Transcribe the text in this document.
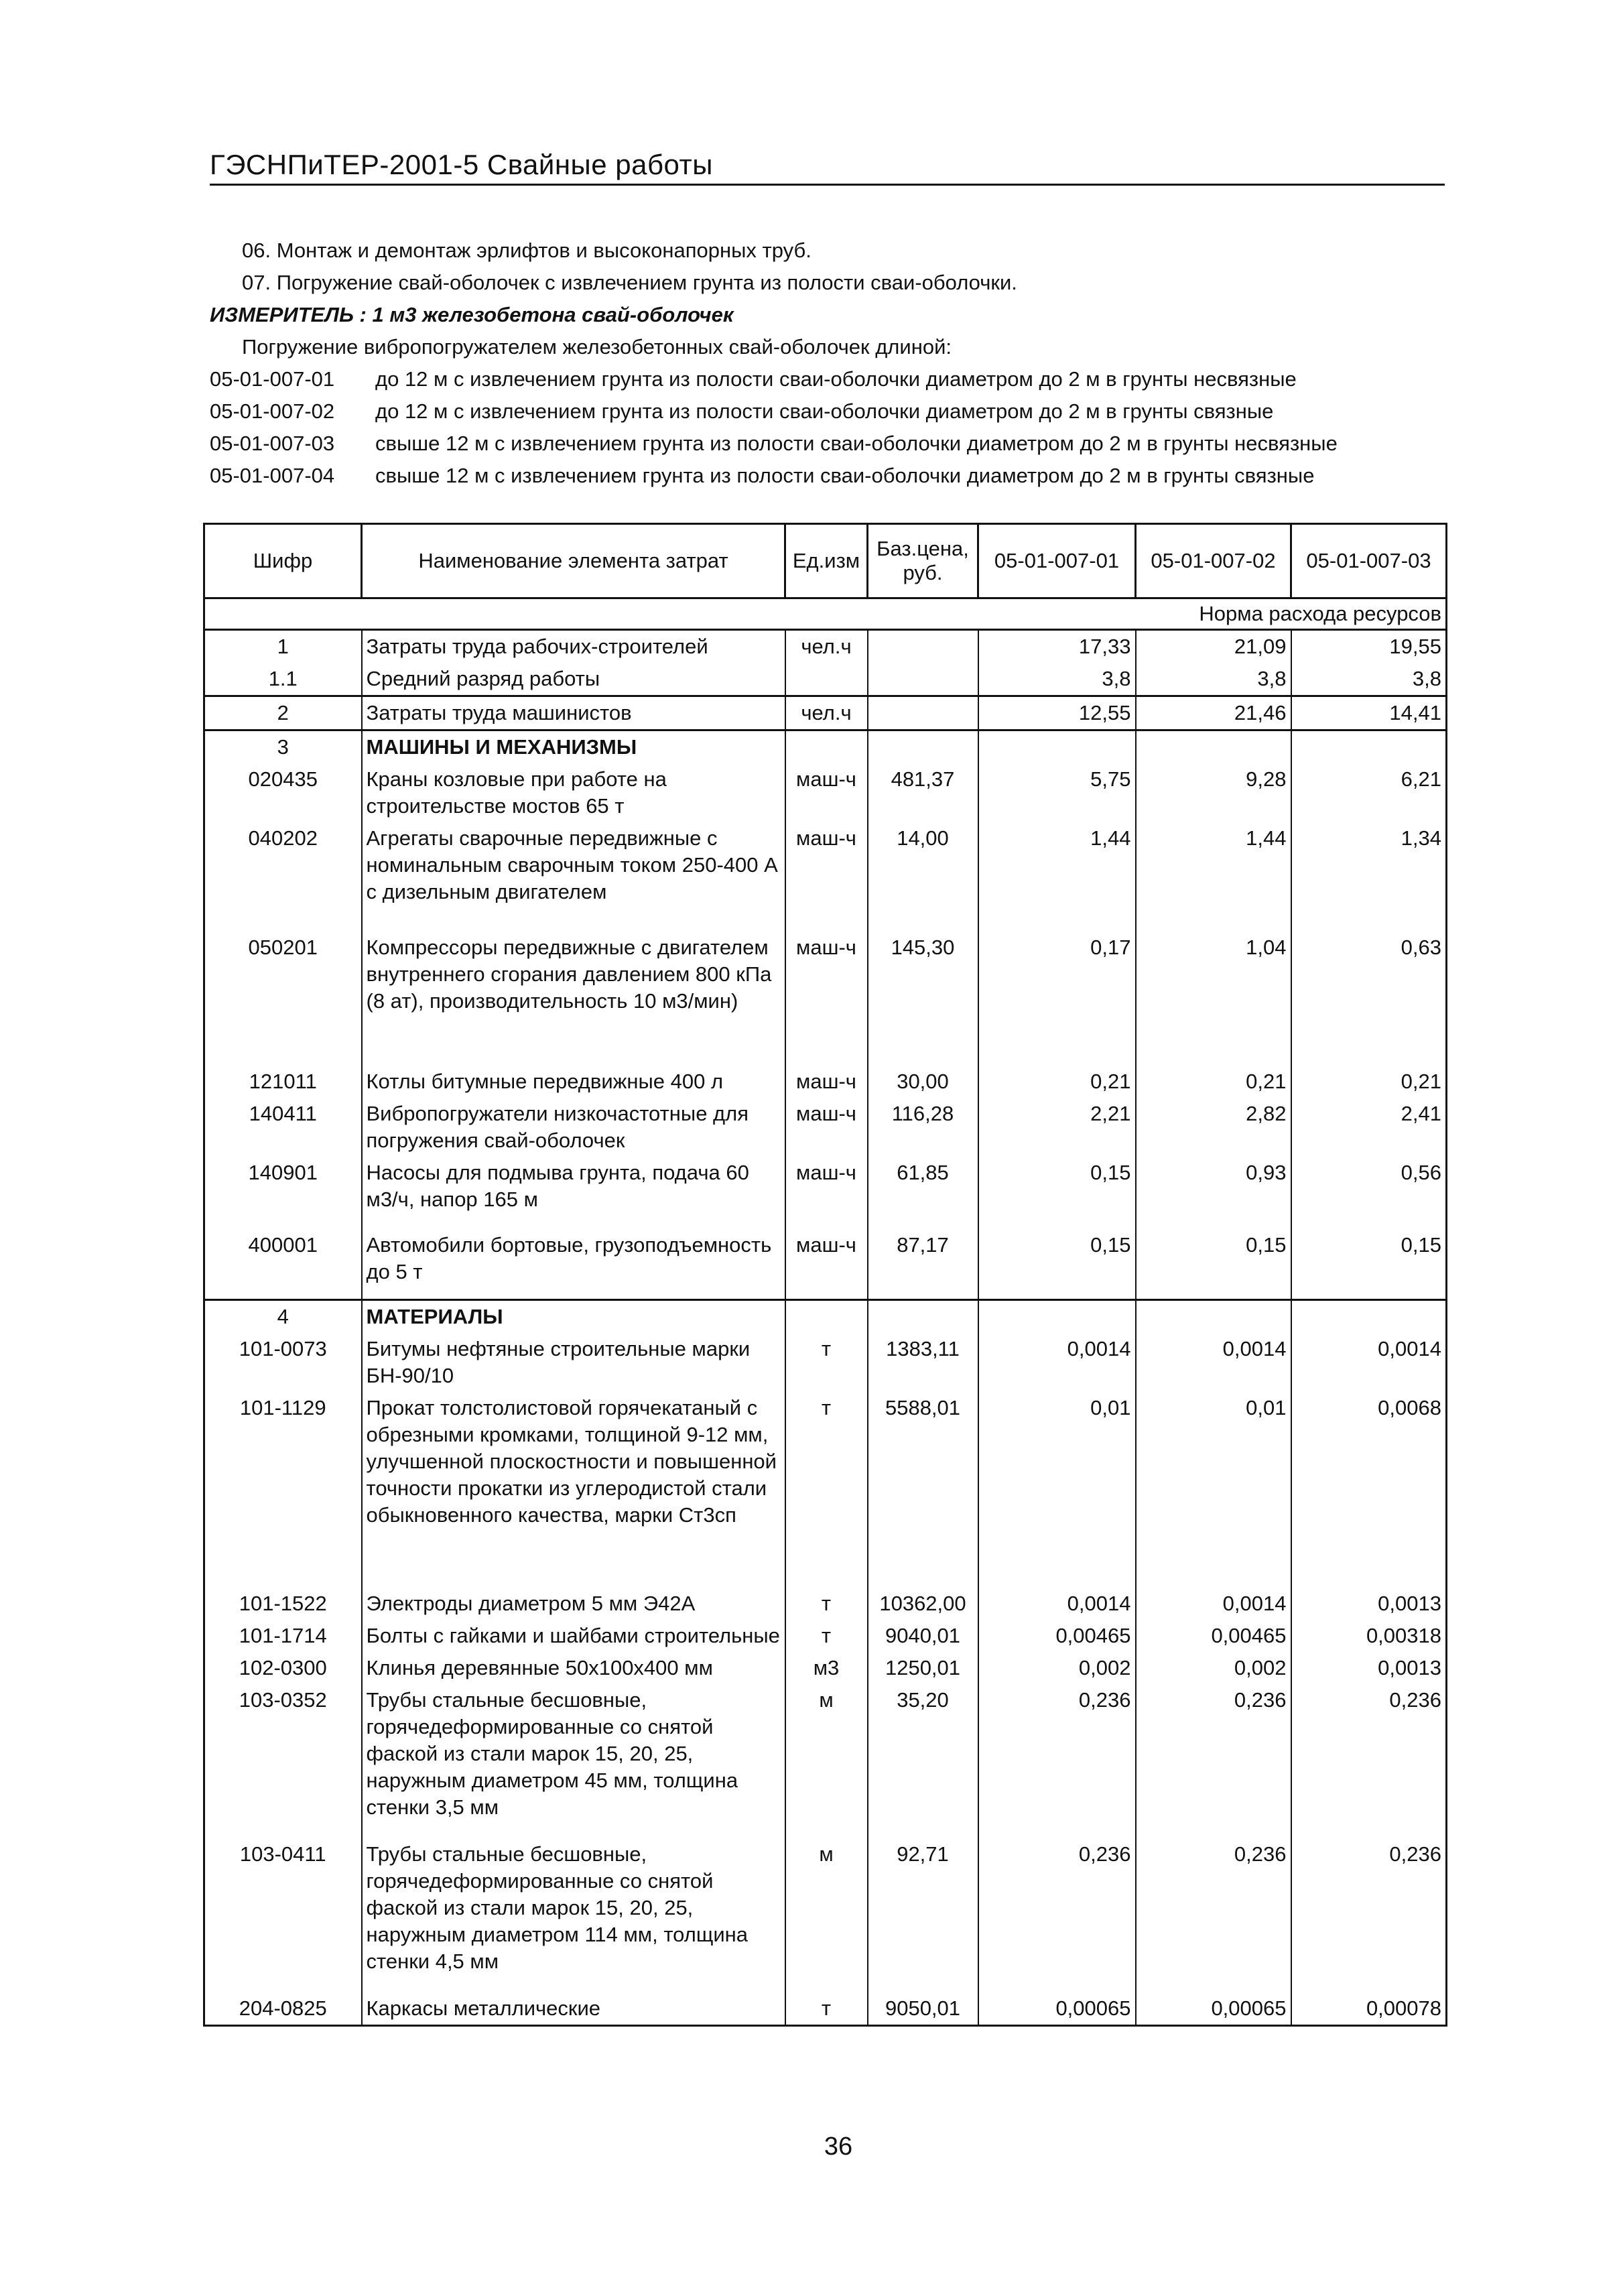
ГЭСНПиТЕР-2001-5 Свайные работы
06. Монтаж и демонтаж эрлифтов и высоконапорных труб.
07. Погружение свай-оболочек с извлечением грунта из полости сваи-оболочки.
ИЗМЕРИТЕЛЬ : 1 м3 железобетона свай-оболочек
Погружение вибропогружателем железобетонных свай-оболочек длиной:
05-01-007-01 до 12 м с извлечением грунта из полости сваи-оболочки диаметром до 2 м в грунты несвязные
05-01-007-02 до 12 м с извлечением грунта из полости сваи-оболочки диаметром до 2 м в грунты связные
05-01-007-03 свыше 12 м с извлечением грунта из полости сваи-оболочки диаметром до 2 м в грунты несвязные
05-01-007-04 свыше 12 м с извлечением грунта из полости сваи-оболочки диаметром до 2 м в грунты связные
Шифр	Наименование элемента затрат	Ед.изм	Баз.цена, руб.	05-01-007-01	05-01-007-02	05-01-007-03
Норма расхода ресурсов						
1	Затраты труда рабочих-строителей	чел.ч		17,33	21,09	19,55
1.1	Средний разряд работы			3,8	3,8	3,8
2	Затраты труда машинистов	чел.ч		12,55	21,46	14,41
3	МАШИНЫ И МЕХАНИЗМЫ					
020435	Краны козловые при работе на строительстве мостов 65 т	маш-ч	481,37	5,75	9,28	6,21
040202	Агрегаты сварочные передвижные с номинальным сварочным током 250-400 А с дизельным двигателем	маш-ч	14,00	1,44	1,44	1,34
050201	Компрессоры передвижные с двигателем внутреннего сгорания давлением 800 кПа (8 ат), производительность 10 м3/мин)	маш-ч	145,30	0,17	1,04	0,63
121011	Котлы битумные передвижные 400 л	маш-ч	30,00	0,21	0,21	0,21
140411	Вибропогружатели низкочастотные для погружения свай-оболочек	маш-ч	116,28	2,21	2,82	2,41
140901	Насосы для подмыва грунта, подача 60 м3/ч, напор 165 м	маш-ч	61,85	0,15	0,93	0,56
400001	Автомобили бортовые, грузоподъемность до 5 т	маш-ч	87,17	0,15	0,15	0,15
4	МАТЕРИАЛЫ					
101-0073	Битумы нефтяные строительные марки БН-90/10	т	1383,11	0,0014	0,0014	0,0014
101-1129	Прокат толстолистовой горячекатаный с обрезными кромками, толщиной 9-12 мм, улучшенной плоскостности и повышенной точности прокатки из углеродистой стали обыкновенного качества, марки Ст3сп	т	5588,01	0,01	0,01	0,0068
101-1522	Электроды диаметром 5 мм Э42А	т	10362,00	0,0014	0,0014	0,0013
101-1714	Болты с гайками и шайбами строительные	т	9040,01	0,00465	0,00465	0,00318
102-0300	Клинья деревянные 50х100х400 мм	м3	1250,01	0,002	0,002	0,0013
103-0352	Трубы стальные бесшовные, горячедеформированные со снятой фаской из стали марок 15, 20, 25, наружным диаметром 45 мм, толщина стенки 3,5 мм	м	35,20	0,236	0,236	0,236
103-0411	Трубы стальные бесшовные, горячедеформированные со снятой фаской из стали марок 15, 20, 25, наружным диаметром 114 мм, толщина стенки 4,5 мм	м	92,71	0,236	0,236	0,236
204-0825	Каркасы металлические	т	9050,01	0,00065	0,00065	0,00078
36
